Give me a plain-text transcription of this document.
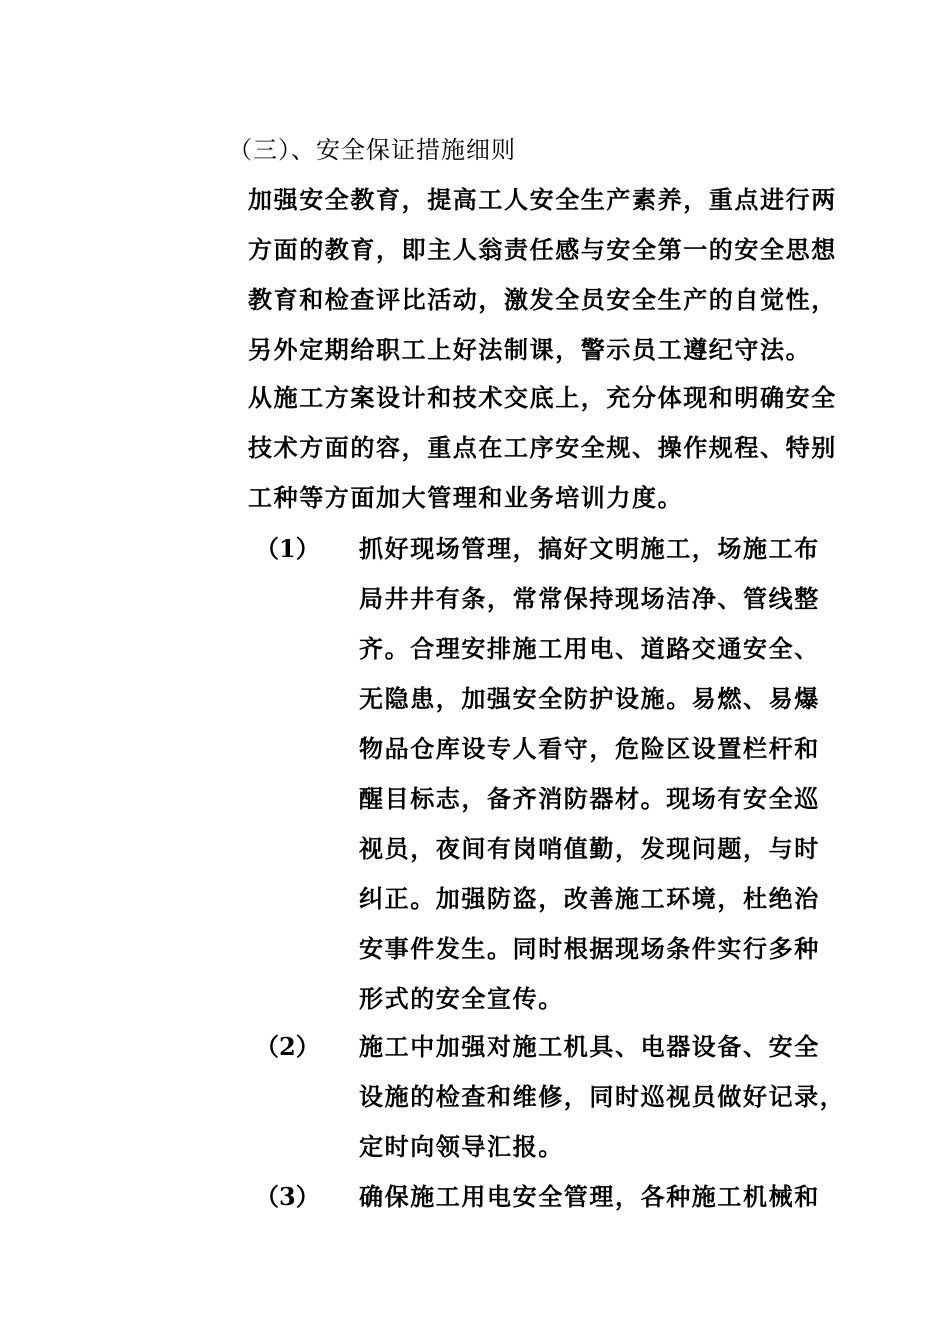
（三）、安全保证措施细则
加强安全教育，提高工人安全生产素养，重点进行两
方面的教育，即主人翁责任感与安全第一的安全思想
教育和检查评比活动，激发全员安全生产的自觉性，
另外定期给职工上好法制课，警示员工遵纪守法。
从施工方案设计和技术交底上，充分体现和明确安全
技术方面的容，重点在工序安全规、操作规程、特别
工种等方面加大管理和业务培训力度。
（1） 抓好现场管理，搞好文明施工，场施工布
局井井有条，常常保持现场洁净、管线整
齐。合理安排施工用电、道路交通安全、
无隐患，加强安全防护设施。易燃、易爆
物品仓库设专人看守，危险区设置栏杆和
醒目标志，备齐消防器材。现场有安全巡
视员，夜间有岗哨值勤，发现问题，与时
纠正。加强防盗，改善施工环境，杜绝治
安事件发生。同时根据现场条件实行多种
形式的安全宣传。
（2） 施工中加强对施工机具、电器设备、安全
设施的检查和维修，同时巡视员做好记录，
定时向领导汇报。
（3） 确保施工用电安全管理，各种施工机械和
